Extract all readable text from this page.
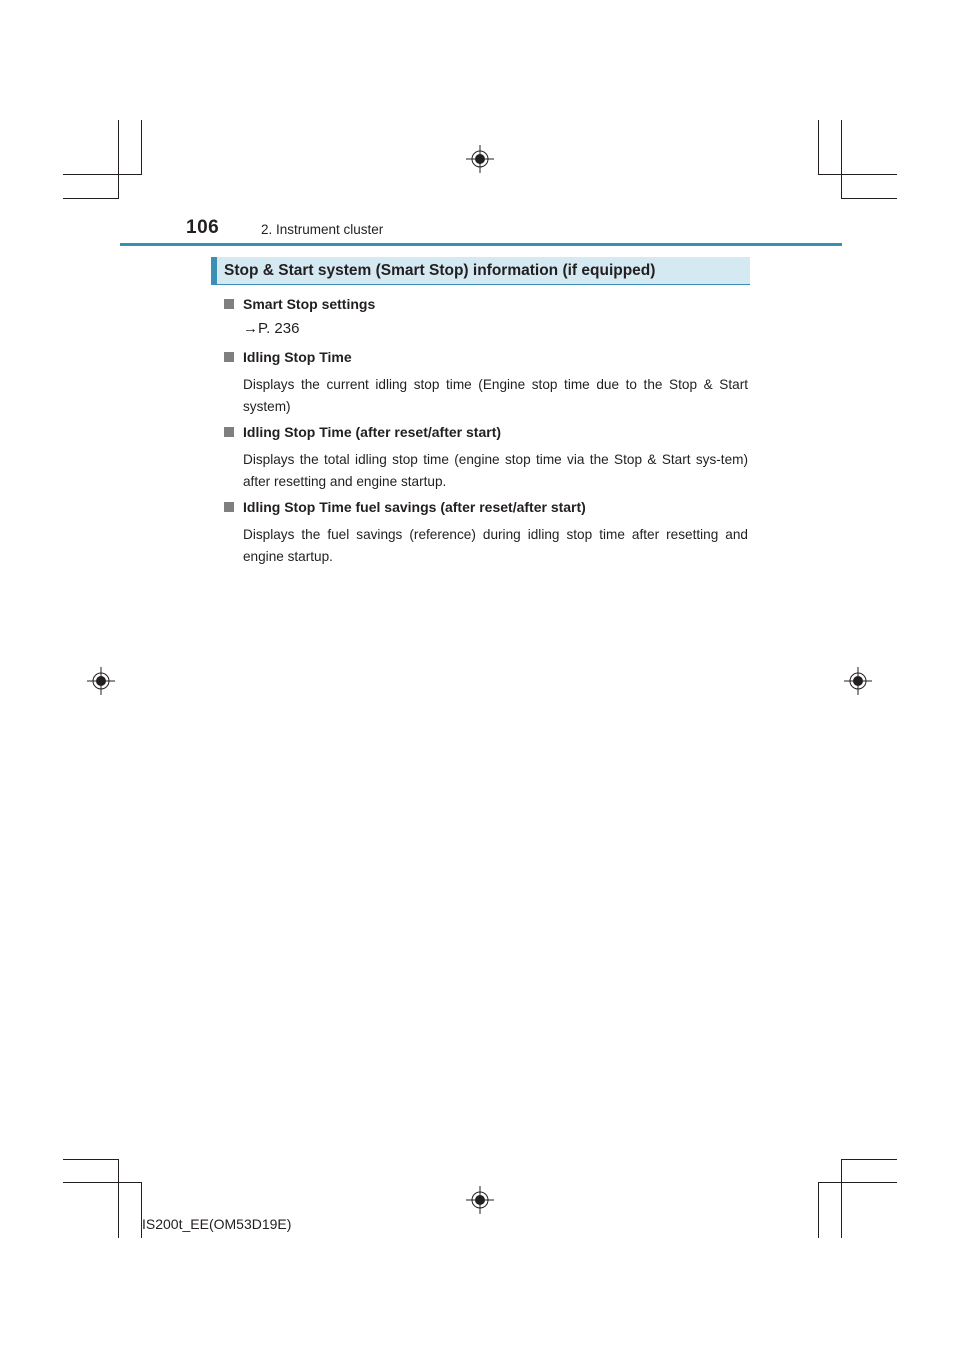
106	2. Instrument cluster
Stop & Start system (Smart Stop) information (if equipped)
Smart Stop settings
→P. 236
Idling Stop Time
Displays the current idling stop time (Engine stop time due to the Stop & Start system)
Idling Stop Time (after reset/after start)
Displays the total idling stop time (engine stop time via the Stop & Start sys-tem) after resetting and engine startup.
Idling Stop Time fuel savings (after reset/after start)
Displays the fuel savings (reference) during idling stop time after resetting and engine startup.
IS200t_EE(OM53D19E)
